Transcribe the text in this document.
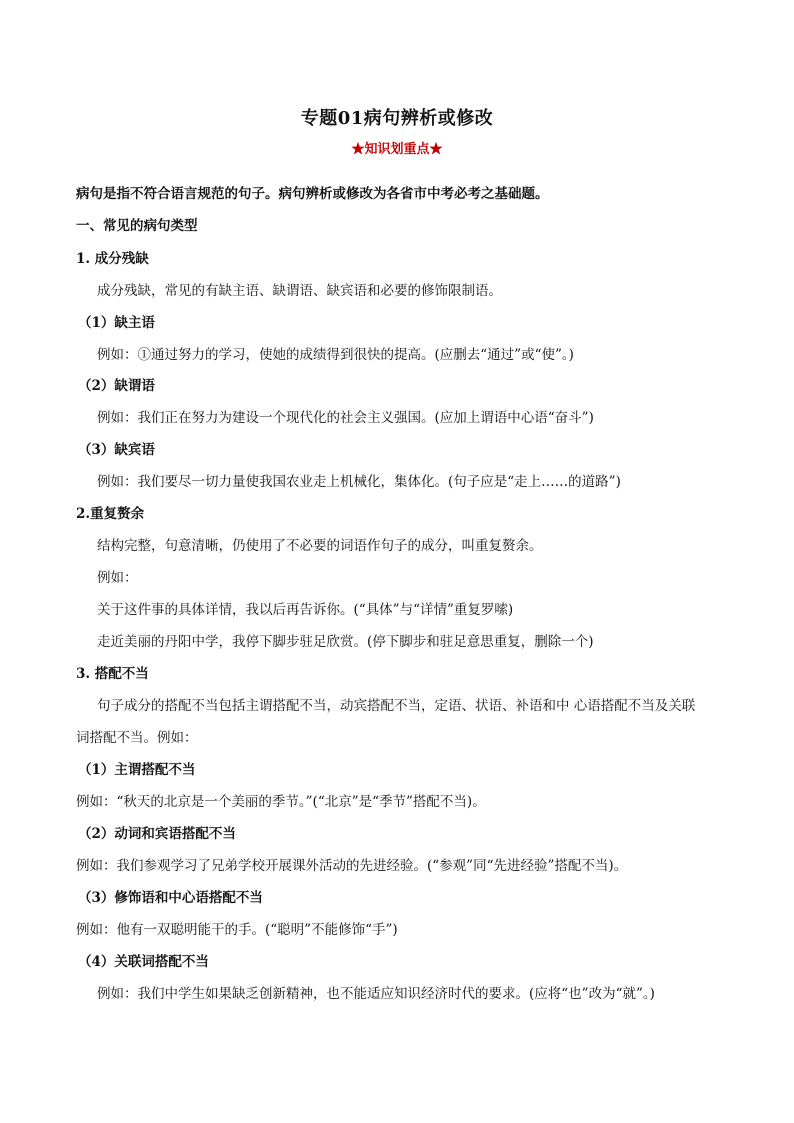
专题01病句辨析或修改
★知识划重点★
病句是指不符合语言规范的句子。病句辨析或修改为各省市中考必考之基础题。
一、常见的病句类型
1. 成分残缺
成分残缺，常见的有缺主语、缺谓语、缺宾语和必要的修饰限制语。
（1）缺主语
例如：①通过努力的学习，使她的成绩得到很快的提高。(应删去“通过”或“使”。)
（2）缺谓语
例如：我们正在努力为建设一个现代化的社会主义强国。(应加上谓语中心语“奋斗”)
（3）缺宾语
例如：我们要尽一切力量使我国农业走上机械化，集体化。(句子应是“走上……的道路”)
2.重复赘余
结构完整，句意清晰，仍使用了不必要的词语作句子的成分，叫重复赘余。
例如：
关于这件事的具体详情，我以后再告诉你。(“具体”与“详情”重复罗嗦)
走近美丽的丹阳中学，我停下脚步驻足欣赏。(停下脚步和驻足意思重复，删除一个)
3. 搭配不当
句子成分的搭配不当包括主谓搭配不当，动宾搭配不当，定语、状语、补语和中 心语搭配不当及关联
词搭配不当。例如：
（1）主谓搭配不当
例如：“秋天的北京是一个美丽的季节。”(“北京”是“季节”搭配不当)。
（2）动词和宾语搭配不当
例如：我们参观学习了兄弟学校开展课外活动的先进经验。(“参观”同“先进经验”搭配不当)。
（3）修饰语和中心语搭配不当
例如：他有一双聪明能干的手。(“聪明”不能修饰“手”)
（4）关联词搭配不当
例如：我们中学生如果缺乏创新精神，也不能适应知识经济时代的要求。(应将“也”改为“就”。)
